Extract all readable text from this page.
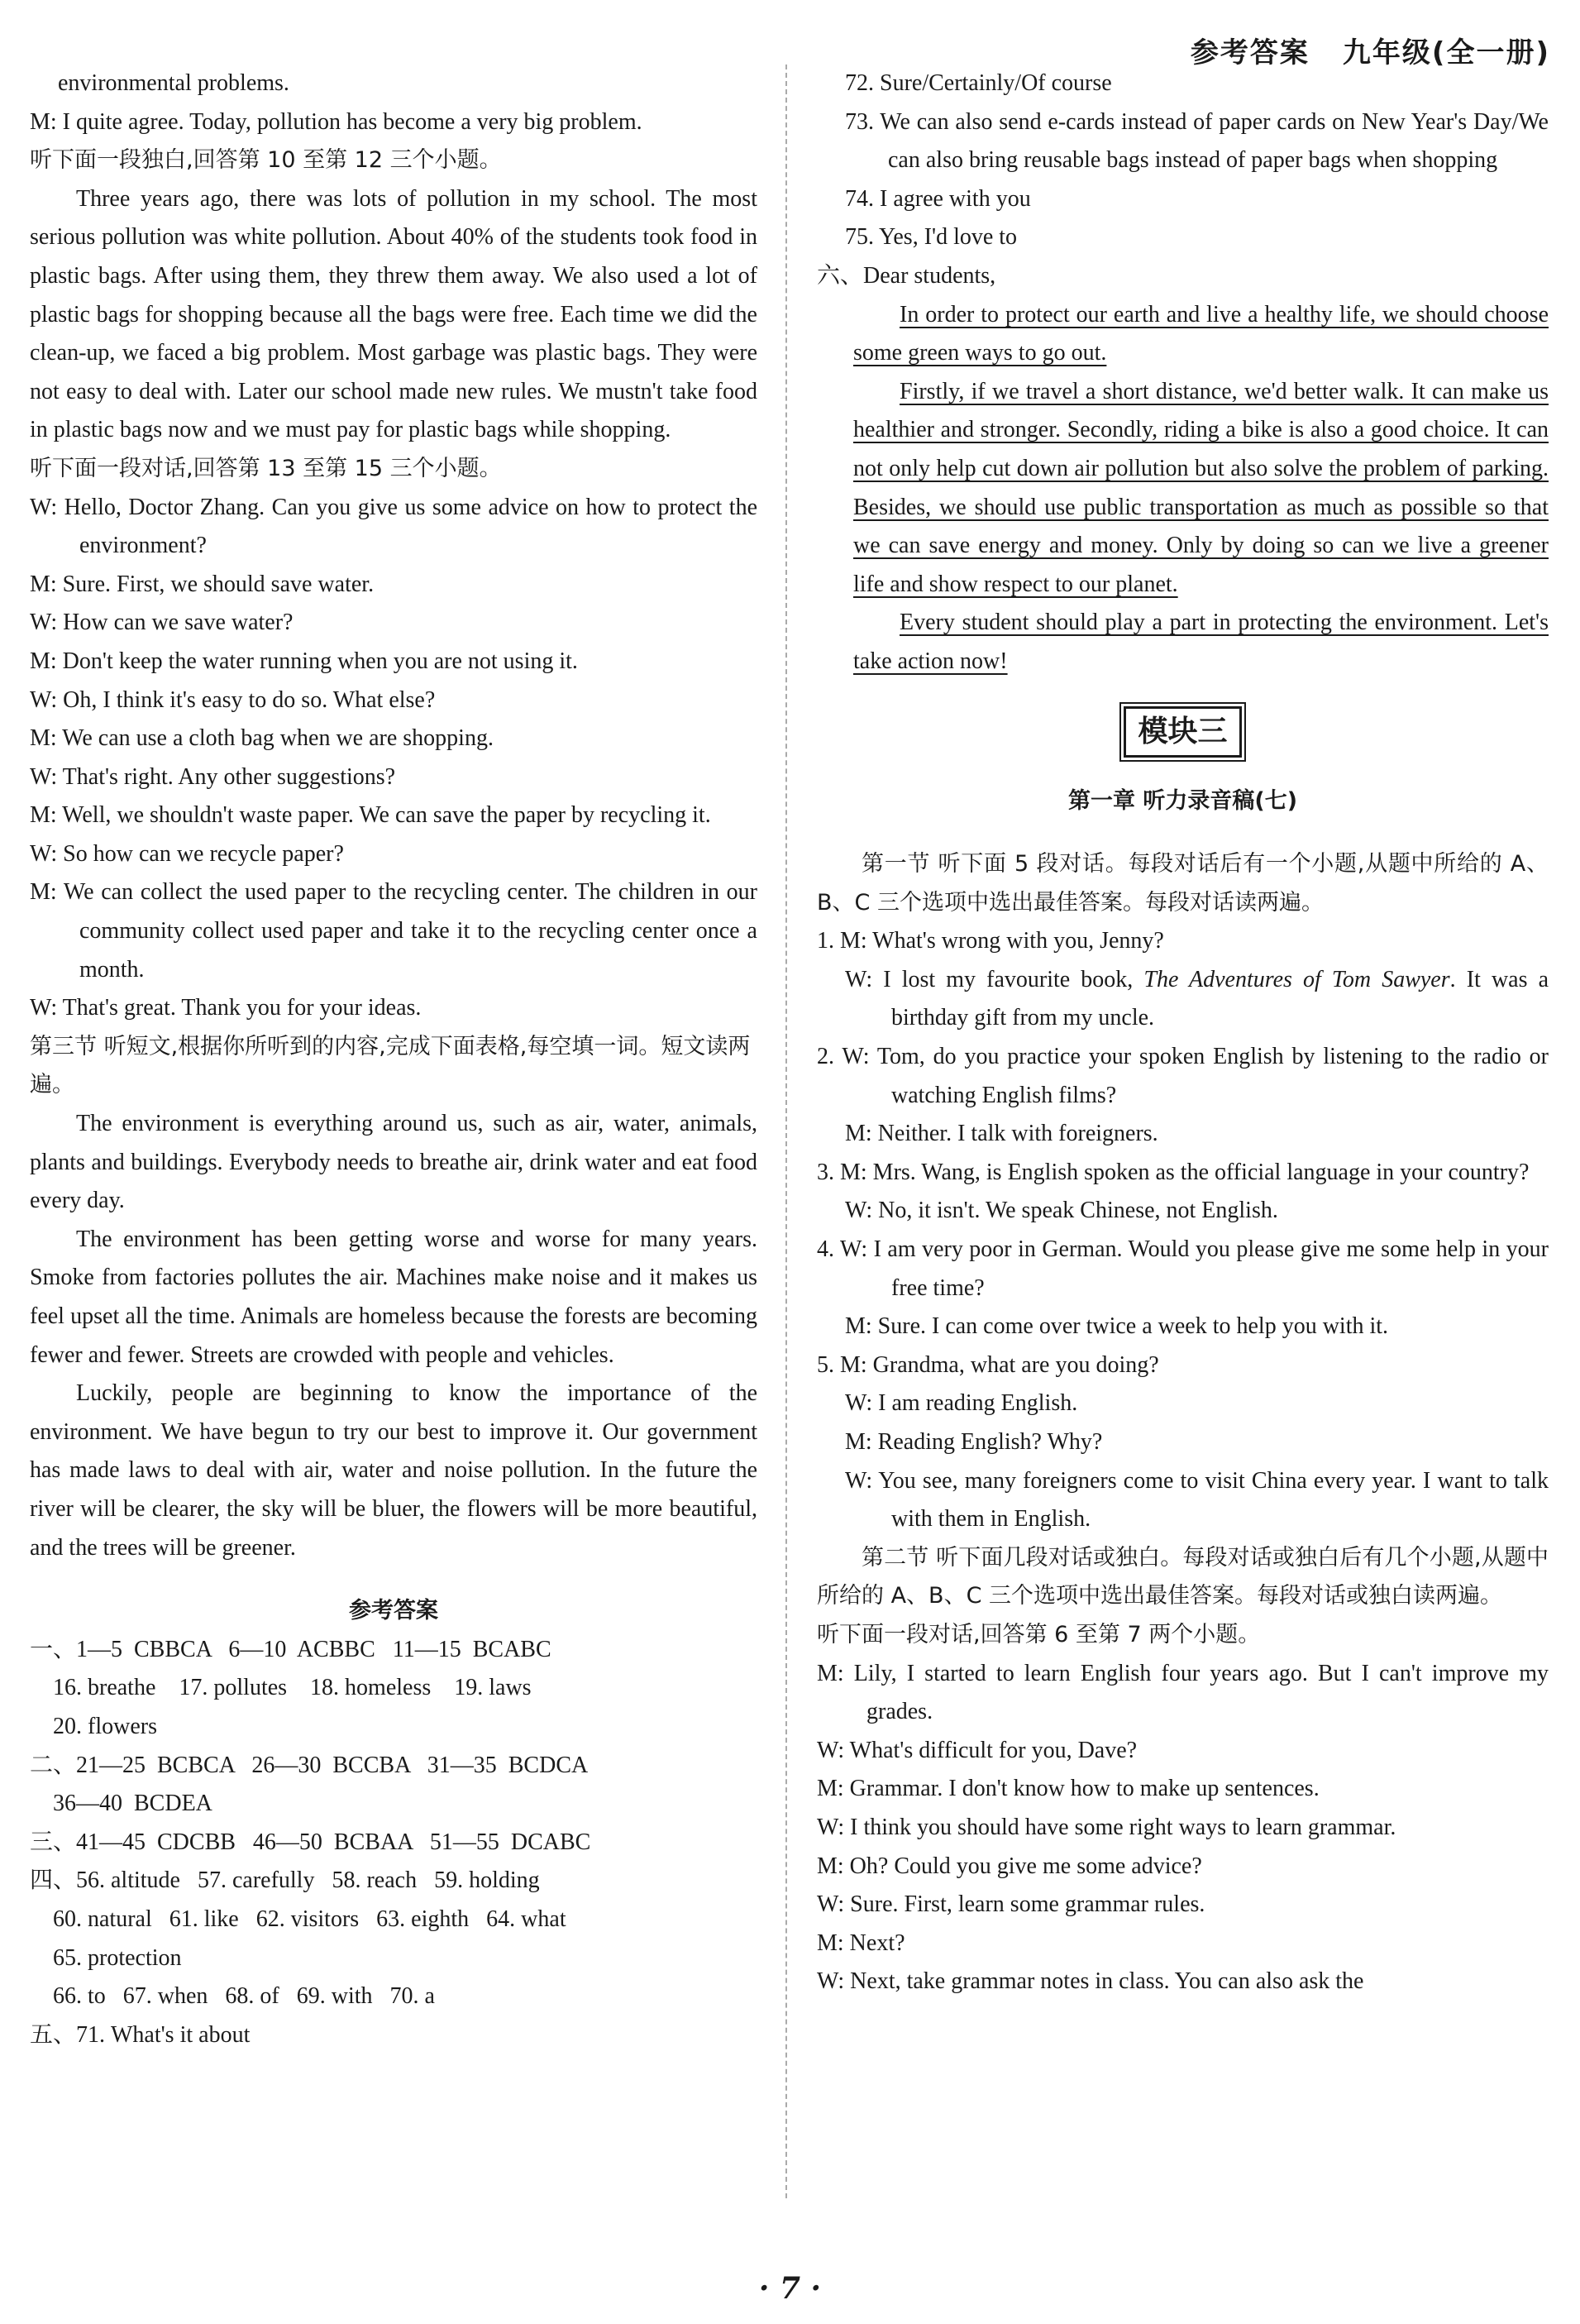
参考答案 九年级(全一册)

environmental problems.

M: I quite agree. Today, pollution has become a very big problem.

听下面一段独白,回答第 10 至第 12 三个小题。

Three years ago, there was lots of pollution in my school. The most serious pollution was white pollution. About 40% of the students took food in plastic bags. After using them, they threw them away. We also used a lot of plastic bags for shopping because all the bags were free. Each time we did the clean-up, we faced a big problem. Most garbage was plastic bags. They were not easy to deal with. Later our school made new rules. We mustn't take food in plastic bags now and we must pay for plastic bags while shopping.

听下面一段对话,回答第 13 至第 15 三个小题。

W: Hello, Doctor Zhang. Can you give us some advice on how to protect the environment?

M: Sure. First, we should save water.

W: How can we save water?

M: Don't keep the water running when you are not using it.

W: Oh, I think it's easy to do so. What else?

M: We can use a cloth bag when we are shopping.

W: That's right. Any other suggestions?

M: Well, we shouldn't waste paper. We can save the paper by recycling it.

W: So how can we recycle paper?

M: We can collect the used paper to the recycling center. The children in our community collect used paper and take it to the recycling center once a month.

W: That's great. Thank you for your ideas.

第三节 听短文,根据你所听到的内容,完成下面表格,每空填一词。短文读两遍。

The environment is everything around us, such as air, water, animals, plants and buildings. Everybody needs to breathe air, drink water and eat food every day.

The environment has been getting worse and worse for many years. Smoke from factories pollutes the air. Machines make noise and it makes us feel upset all the time. Animals are homeless because the forests are becoming fewer and fewer. Streets are crowded with people and vehicles.

Luckily, people are beginning to know the importance of the environment. We have begun to try our best to improve it. Our government has made laws to deal with air, water and noise pollution. In the future the river will be clearer, the sky will be bluer, the flowers will be more beautiful, and the trees will be greener.

参考答案

一、1—5  CBBCA   6—10  ACBBC   11—15  BCABC

16. breathe    17. pollutes    18. homeless    19. laws

20. flowers

二、21—25  BCBCA   26—30  BCCBA   31—35  BCDCA

36—40  BCDEA

三、41—45  CDCBB   46—50  BCBAA   51—55  DCABC

四、56. altitude   57. carefully   58. reach   59. holding

60. natural   61. like   62. visitors   63. eighth   64. what

65. protection

66. to   67. when   68. of   69. with   70. a

五、71. What's it about

72. Sure/Certainly/Of course

73. We can also send e-cards instead of paper cards on New Year's Day/We can also bring reusable bags instead of paper bags when shopping

74. I agree with you

75. Yes, I'd love to

六、Dear students,

In order to protect our earth and live a healthy life, we should choose some green ways to go out.

Firstly, if we travel a short distance, we'd better walk. It can make us healthier and stronger. Secondly, riding a bike is also a good choice. It can not only help cut down air pollution but also solve the problem of parking. Besides, we should use public transportation as much as possible so that we can save energy and money. Only by doing so can we live a greener life and show respect to our planet.

Every student should play a part in protecting the environment. Let's take action now!

模块三

第一章 听力录音稿(七)

第一节 听下面 5 段对话。每段对话后有一个小题,从题中所给的 A、B、C 三个选项中选出最佳答案。每段对话读两遍。

1. M: What's wrong with you, Jenny?

W: I lost my favourite book, The Adventures of Tom Sawyer. It was a birthday gift from my uncle.

2. W: Tom, do you practice your spoken English by listening to the radio or watching English films?

M: Neither. I talk with foreigners.

3. M: Mrs. Wang, is English spoken as the official language in your country?

W: No, it isn't. We speak Chinese, not English.

4. W: I am very poor in German. Would you please give me some help in your free time?

M: Sure. I can come over twice a week to help you with it.

5. M: Grandma, what are you doing?

W: I am reading English.

M: Reading English? Why?

W: You see, many foreigners come to visit China every year. I want to talk with them in English.

第二节 听下面几段对话或独白。每段对话或独白后有几个小题,从题中所给的 A、B、C 三个选项中选出最佳答案。每段对话或独白读两遍。

听下面一段对话,回答第 6 至第 7 两个小题。

M: Lily, I started to learn English four years ago. But I can't improve my grades.

W: What's difficult for you, Dave?

M: Grammar. I don't know how to make up sentences.

W: I think you should have some right ways to learn grammar.

M: Oh? Could you give me some advice?

W: Sure. First, learn some grammar rules.

M: Next?

W: Next, take grammar notes in class. You can also ask the

· 7 ·
